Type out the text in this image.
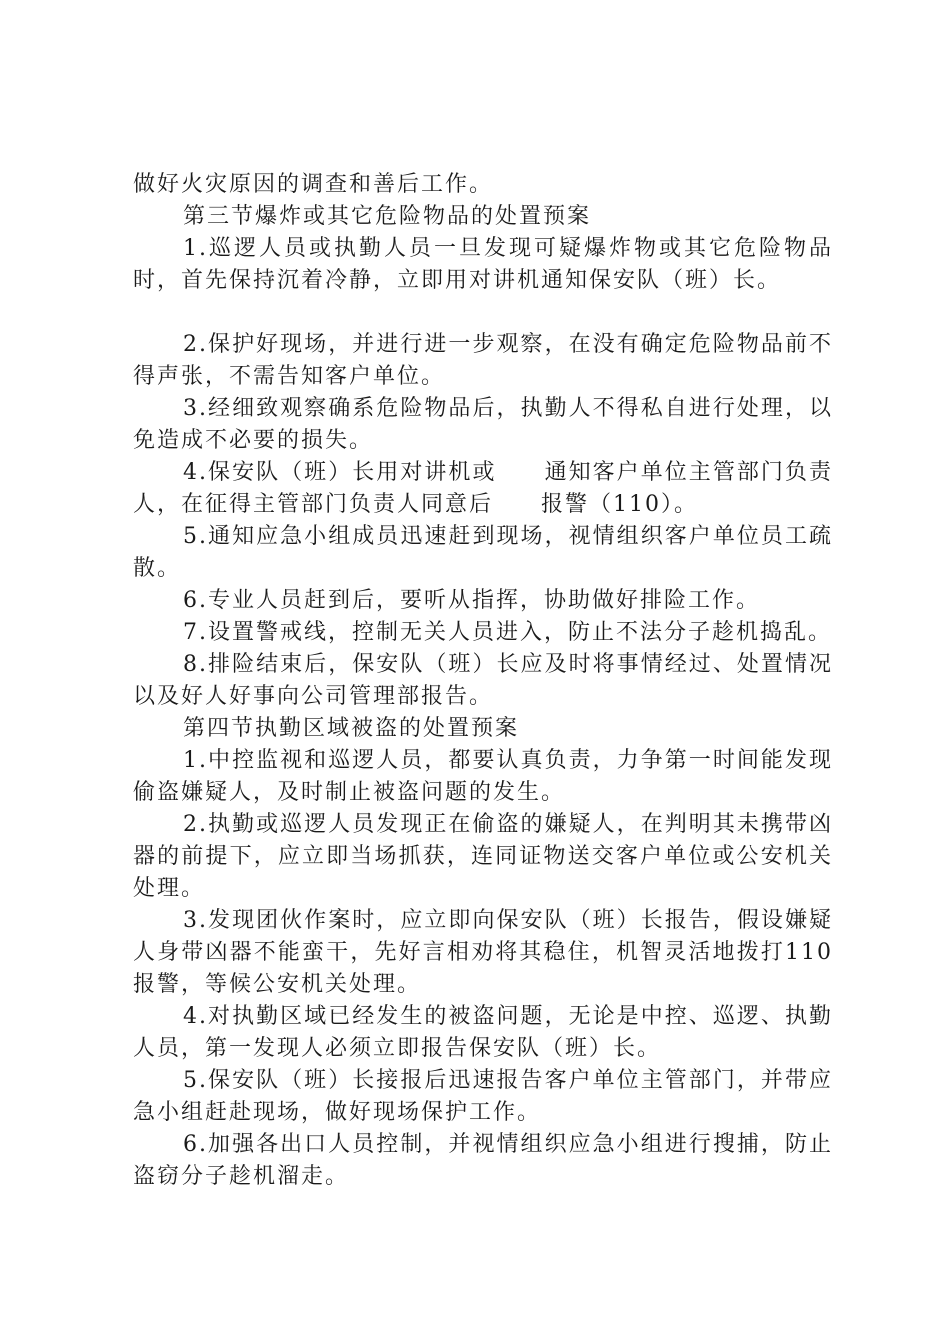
做好火灾原因的调查和善后工作。

第三节爆炸或其它危险物品的处置预案

1.巡逻人员或执勤人员一旦发现可疑爆炸物或其它危险物品时，首先保持沉着冷静，立即用对讲机通知保安队（班）长。

2.保护好现场，并进行进一步观察，在没有确定危险物品前不得声张，不需告知客户单位。

3.经细致观察确系危险物品后，执勤人不得私自进行处理，以免造成不必要的损失。

4.保安队（班）长用对讲机或　　通知客户单位主管部门负责人，在征得主管部门负责人同意后　　报警（110）。

5.通知应急小组成员迅速赶到现场，视情组织客户单位员工疏散。

6.专业人员赶到后，要听从指挥，协助做好排险工作。

7.设置警戒线，控制无关人员进入，防止不法分子趁机捣乱。

8.排险结束后，保安队（班）长应及时将事情经过、处置情况以及好人好事向公司管理部报告。

第四节执勤区域被盗的处置预案

1.中控监视和巡逻人员，都要认真负责，力争第一时间能发现偷盗嫌疑人，及时制止被盗问题的发生。

2.执勤或巡逻人员发现正在偷盗的嫌疑人，在判明其未携带凶器的前提下，应立即当场抓获，连同证物送交客户单位或公安机关处理。

3.发现团伙作案时，应立即向保安队（班）长报告，假设嫌疑人身带凶器不能蛮干，先好言相劝将其稳住，机智灵活地拨打110报警，等候公安机关处理。

4.对执勤区域已经发生的被盗问题，无论是中控、巡逻、执勤人员，第一发现人必须立即报告保安队（班）长。

5.保安队（班）长接报后迅速报告客户单位主管部门，并带应急小组赶赴现场，做好现场保护工作。

6.加强各出口人员控制，并视情组织应急小组进行搜捕，防止盗窃分子趁机溜走。
